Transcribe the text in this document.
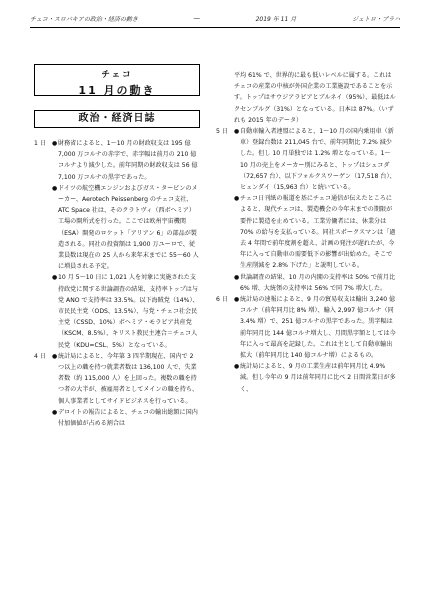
チェコ・スロバキアの政治・経済の動き	―	2019 年 11 月	ジェトロ・プラハ
チェコ
11 月の動き
政治・経済日誌
1 日	● 財務省によると、1～10 月の財政収支は 195 億 7,000 万コルナの赤字で、赤字幅は前月の 210 億コルナより減少した。前年同期の財政収支は 56 億 7,100 万コルナの黒字であった。

● ドイツの航空機エンジンおよびガス・タービンのメーカー、Aerotech Peissenberg のチェコ支社、ATC Space 社は、そのクラトヴィ（西ボヘミア）工場の開所式を行った。ここでは欧州宇宙機関（ESA）開発のロケット「アリアン 6」の部品が製造される。同社の投資額は 1,900 万ユーロで、従業員数は現在の 25 人から来年末までに 55～60 人に増員される予定。

● 10 月 5～10 日に 1,021 人を対象に実施された支持政党に関する世論調査の結果、支持率トップは与党 ANO で支持率は 33.5%。以下海賊党（14%）、市民民主党（ODS、13.5%）、与党・チェコ社会民主党（CSSD、10%）ボヘミア・モラビア共産党（KSCM、8.5%）、キリスト教民主連合＝チェコ人民党（KDU=CSL、5%）となっている。

4 日	● 統計局によると、今年第 3 四半期現在、国内で 2 つ以上の職を持つ就業者数は 136,100 人で、失業者数（約 115,000 人）を上回った。複数の職を持つ者の大半が、被雇用者としてメインの職を持ち、個人事業者としてサイドビジネスを行っている。

● デロイトの報告によると、チェコの輸出総額に国内付加価値が占める割合は

平均 61% で、世界的に最も低いレベルに属する。これはチェコの産業の中核が外国企業の工業施設であることを示す。トップはサウジアラビアとブルネイ（95%）、最低はルクセンブルグ（31%）となっている。日本は 87%。（いずれも 2015 年のデータ）

5 日	● 自動車輸入者連盟によると、1～10 月の国内乗用車（新車）登録台数は 211,045 台で、前年同期比 7.2% 減少した。但し 10 月単独では 1.2% 増となっている。1～10 月の売上をメーカー別にみると、トップはシュコダ（72,657 台）、以下フォルクスワーゲン（17,518 台）、ヒュンダイ（15,963 台）と続いている。

● チェコ日刊紙の報道を基にチェコ通信が伝えたところによると、現代チェコは、製造機会の今年末までの期限が要件に製造を止めている。工業労働者には、休業分は 70% の給与を支払っている。同社スポークスマンは「過去 4 年間で前年度割を超え、計画の発注が遅れたが、今年に入って自動車の需要低下の影響が出始めた。そこで生産削減を 2.8% 下げた」と説明している。

● 世論調査の結果、10 月の内閣の支持率は 50% で前月比 6% 増、大統領の支持率は 56% で同 7% 増大した。

6 日	● 統計局の速報によると、9 月の貿易収支は輸出 3,240 億コルナ（前年同月比 8% 増）、輸入 2,997 億コルナ（同 3.4% 増）で、251 億コルナの黒字であった。黒字幅は前年同月比 144 億コルナ増大し、月間黒字額としては今年に入って最高を記録した。これは主として自動車輸出拡大（前年同月比 140 億コルナ増）によるもの。

● 統計局によると、9 月の工業生産は前年同月比 4.9% 減。但し今年の 9 月は前年同月に比べ 2 日間営業日が多く、
